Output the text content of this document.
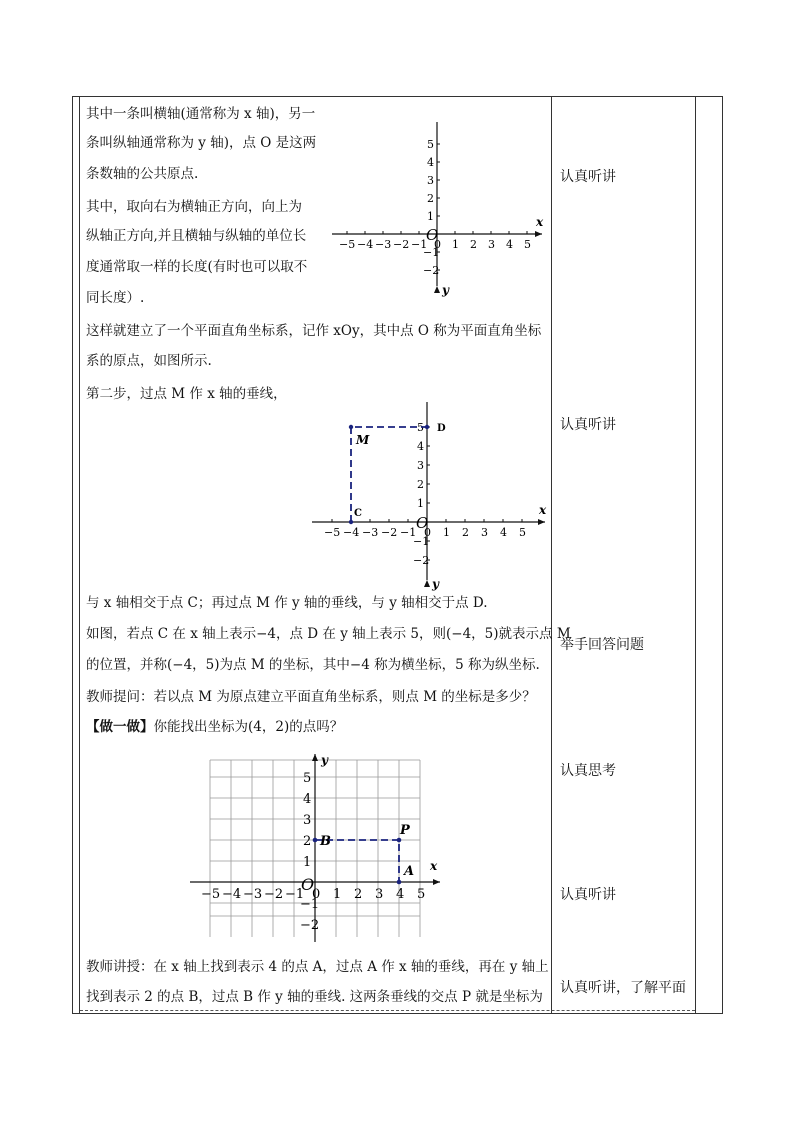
其中一条叫横轴(通常称为 x 轴)，另一
条叫纵轴通常称为 y 轴)，点 O 是这两
条数轴的公共原点.
其中，取向右为横轴正方向，向上为
纵轴正方向,并且横轴与纵轴的单位长
度通常取一样的长度(有时也可以取不
同长度）.
这样就建立了一个平面直角坐标系，记作 xOy，其中点 O 称为平面直角坐标
系的原点，如图所示.
第二步，过点 M 作 x 轴的垂线，
与 x 轴相交于点 C；再过点 M 作 y 轴的垂线，与 y 轴相交于点 D.
如图，若点 C 在 x 轴上表示−4，点 D 在 y 轴上表示 5，则(−4，5)就表示点 M
的位置，并称(−4，5)为点 M 的坐标，其中−4 称为横坐标，5 称为纵坐标.
教师提问：若以点 M 为原点建立平面直角坐标系，则点 M 的坐标是多少？
【做一做】你能找出坐标为(4，2)的点吗？
教师讲授：在 x 轴上找到表示 4 的点 A，过点 A 作 x 轴的垂线，再在 y 轴上
找到表示 2 的点 B，过点 B 作 y 轴的垂线. 这两条垂线的交点 P 就是坐标为
认真听讲
认真听讲
举手回答问题
认真思考
认真听讲
认真听讲，了解平面
x
y
O
−5 −4 −3 −2 −1 0 1 2 3 4 5
5
4
3
2
1
−1
−2
x
y
O
−5 −4 −3 −2 −1 0 1 2 3 4 5
5
4
3
2
1
−1
−2
M
C
D
x
y
O
−5 −4 −3 −2 −1 0 1 2 3 4 5
5
4
3
2
1
−1
−2
P
A
B
